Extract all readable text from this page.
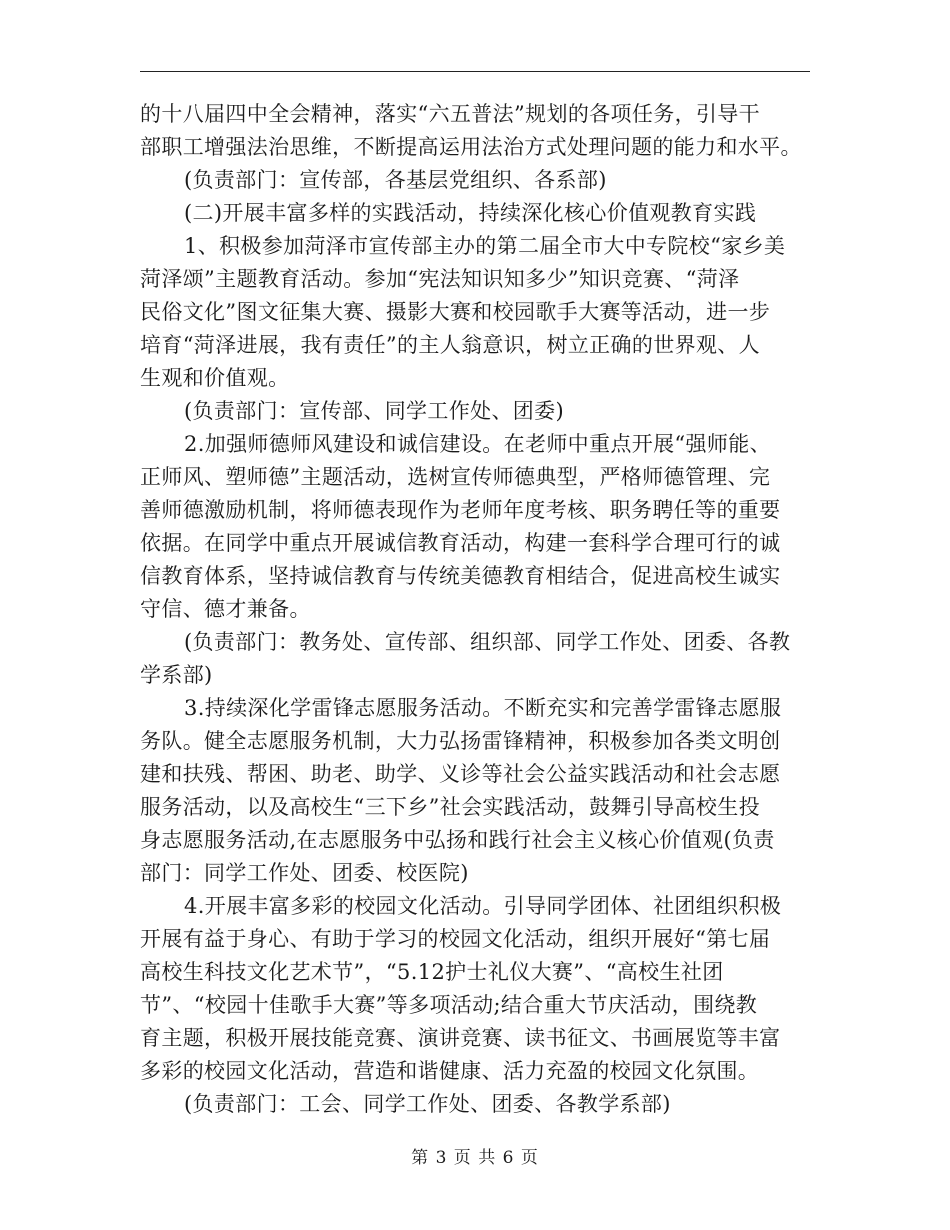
的十八届四中全会精神，落实“六五普法”规划的各项任务，引导干
部职工增强法治思维，不断提高运用法治方式处理问题的能力和水平。
(负责部门：宣传部，各基层党组织、各系部)
(二)开展丰富多样的实践活动，持续深化核心价值观教育实践
1、积极参加菏泽市宣传部主办的第二届全市大中专院校“家乡美
菏泽颂”主题教育活动。参加“宪法知识知多少”知识竞赛、“菏泽
民俗文化”图文征集大赛、摄影大赛和校园歌手大赛等活动，进一步
培育“菏泽进展，我有责任”的主人翁意识，树立正确的世界观、人
生观和价值观。
(负责部门：宣传部、同学工作处、团委)
2.加强师德师风建设和诚信建设。在老师中重点开展“强师能、
正师风、塑师德”主题活动，选树宣传师德典型，严格师德管理、完
善师德激励机制，将师德表现作为老师年度考核、职务聘任等的重要
依据。在同学中重点开展诚信教育活动，构建一套科学合理可行的诚
信教育体系，坚持诚信教育与传统美德教育相结合，促进高校生诚实
守信、德才兼备。
(负责部门：教务处、宣传部、组织部、同学工作处、团委、各教
学系部)
3.持续深化学雷锋志愿服务活动。不断充实和完善学雷锋志愿服
务队。健全志愿服务机制，大力弘扬雷锋精神，积极参加各类文明创
建和扶残、帮困、助老、助学、义诊等社会公益实践活动和社会志愿
服务活动，以及高校生“三下乡”社会实践活动，鼓舞引导高校生投
身志愿服务活动,在志愿服务中弘扬和践行社会主义核心价值观(负责
部门：同学工作处、团委、校医院)
4.开展丰富多彩的校园文化活动。引导同学团体、社团组织积极
开展有益于身心、有助于学习的校园文化活动，组织开展好“第七届
高校生科技文化艺术节”，“5.12护士礼仪大赛”、“高校生社团
节”、“校园十佳歌手大赛”等多项活动;结合重大节庆活动，围绕教
育主题，积极开展技能竞赛、演讲竞赛、读书征文、书画展览等丰富
多彩的校园文化活动，营造和谐健康、活力充盈的校园文化氛围。
(负责部门：工会、同学工作处、团委、各教学系部)
第 3 页 共 6 页
